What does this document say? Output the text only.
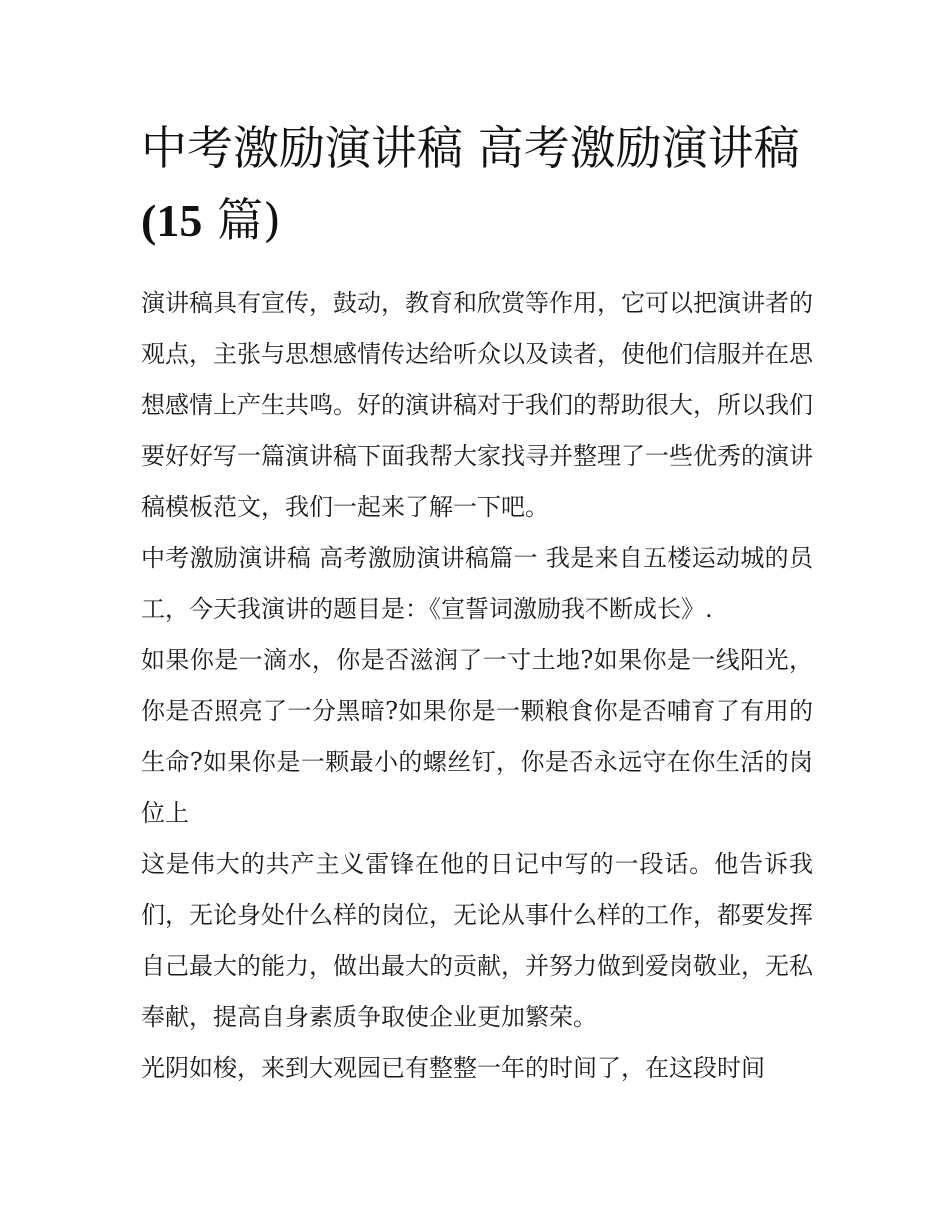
中考激励演讲稿 高考激励演讲稿(15 篇)

演讲稿具有宣传，鼓动，教育和欣赏等作用，它可以把演讲者的观点，主张与思想感情传达给听众以及读者，使他们信服并在思想感情上产生共鸣。好的演讲稿对于我们的帮助很大，所以我们要好好写一篇演讲稿下面我帮大家找寻并整理了一些优秀的演讲稿模板范文，我们一起来了解一下吧。

中考激励演讲稿 高考激励演讲稿篇一 我是来自五楼运动城的员工，今天我演讲的题目是：《宣誓词激励我不断成长》.

如果你是一滴水，你是否滋润了一寸土地?如果你是一线阳光，你是否照亮了一分黑暗?如果你是一颗粮食你是否哺育了有用的生命?如果你是一颗最小的螺丝钉，你是否永远守在你生活的岗位上

这是伟大的共产主义雷锋在他的日记中写的一段话。他告诉我们，无论身处什么样的岗位，无论从事什么样的工作，都要发挥自己最大的能力，做出最大的贡献，并努力做到爱岗敬业，无私奉献，提高自身素质争取使企业更加繁荣。

光阴如梭，来到大观园已有整整一年的时间了，在这段时间
